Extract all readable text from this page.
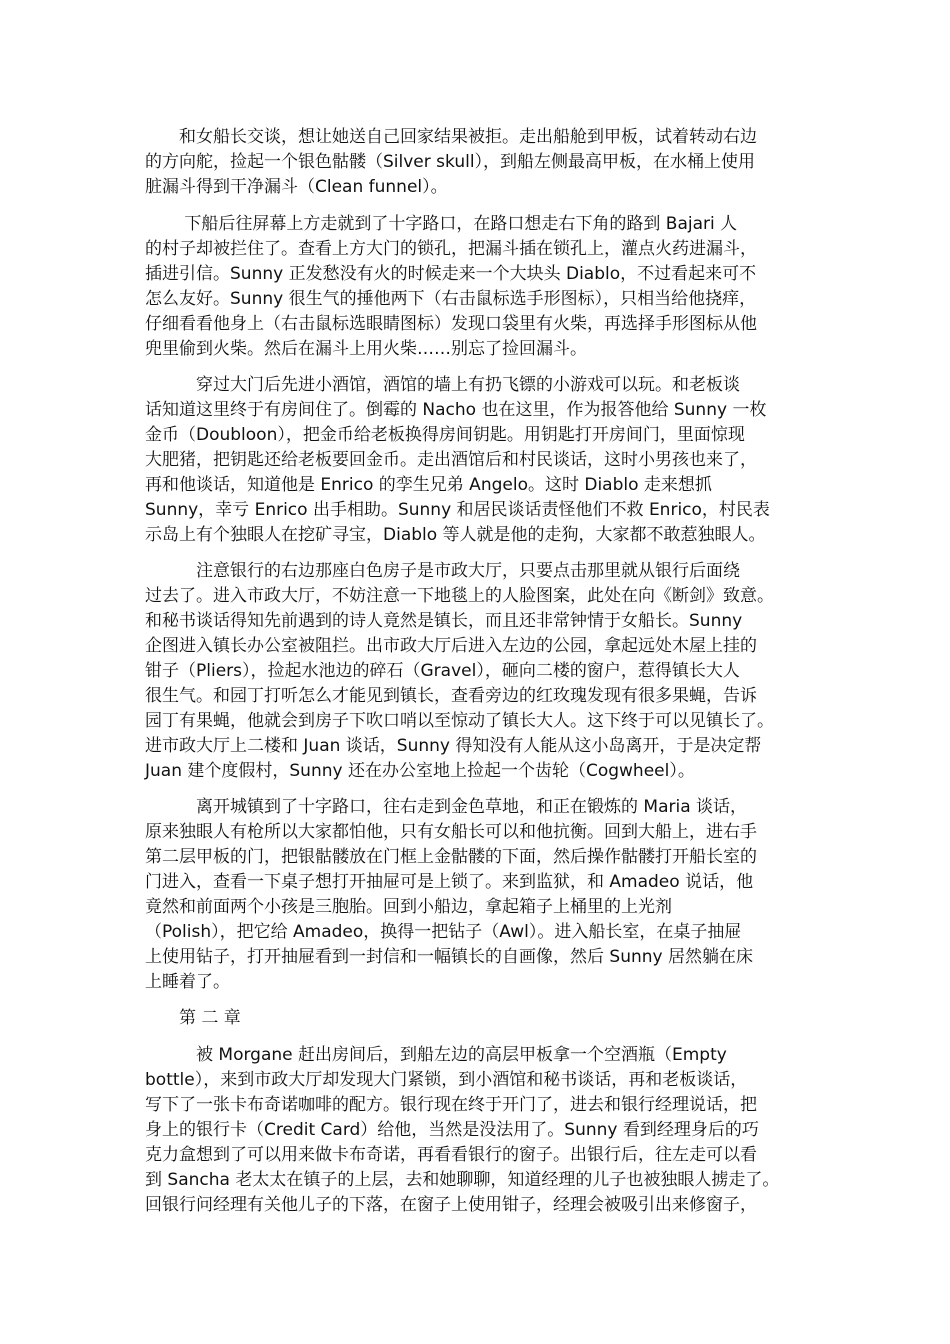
　　和女船长交谈，想让她送自己回家结果被拒。走出船舱到甲板，试着转动右边
的方向舵，捡起一个银色骷髅（Silver skull），到船左侧最高甲板，在水桶上使用
脏漏斗得到干净漏斗（Clean funnel）。
　　 下船后往屏幕上方走就到了十字路口，在路口想走右下角的路到 Bajari 人
的村子却被拦住了。查看上方大门的锁孔，把漏斗插在锁孔上，灌点火药进漏斗，
插进引信。Sunny 正发愁没有火的时候走来一个大块头 Diablo，不过看起来可不
怎么友好。Sunny 很生气的捶他两下（右击鼠标选手形图标），只相当给他挠痒，
仔细看看他身上（右击鼠标选眼睛图标）发现口袋里有火柴，再选择手形图标从他
兜里偷到火柴。然后在漏斗上用火柴……别忘了捡回漏斗。
　　　穿过大门后先进小酒馆，酒馆的墙上有扔飞镖的小游戏可以玩。和老板谈
话知道这里终于有房间住了。倒霉的 Nacho 也在这里，作为报答他给 Sunny 一枚
金币（Doubloon），把金币给老板换得房间钥匙。用钥匙打开房间门，里面惊现
大肥猪，把钥匙还给老板要回金币。走出酒馆后和村民谈话，这时小男孩也来了，
再和他谈话，知道他是 Enrico 的孪生兄弟 Angelo。这时 Diablo 走来想抓
Sunny，幸亏 Enrico 出手相助。Sunny 和居民谈话责怪他们不救 Enrico，村民表
示岛上有个独眼人在挖矿寻宝，Diablo 等人就是他的走狗，大家都不敢惹独眼人。
　　　注意银行的右边那座白色房子是市政大厅，只要点击那里就从银行后面绕
过去了。进入市政大厅，不妨注意一下地毯上的人脸图案，此处在向《断剑》致意。
和秘书谈话得知先前遇到的诗人竟然是镇长，而且还非常钟情于女船长。Sunny
企图进入镇长办公室被阻拦。出市政大厅后进入左边的公园，拿起远处木屋上挂的
钳子（Pliers），捡起水池边的碎石（Gravel），砸向二楼的窗户，惹得镇长大人
很生气。和园丁打听怎么才能见到镇长，查看旁边的红玫瑰发现有很多果蝇，告诉
园丁有果蝇，他就会到房子下吹口哨以至惊动了镇长大人。这下终于可以见镇长了。
进市政大厅上二楼和 Juan 谈话，Sunny 得知没有人能从这小岛离开，于是决定帮
Juan 建个度假村，Sunny 还在办公室地上捡起一个齿轮（Cogwheel）。
　　　离开城镇到了十字路口，往右走到金色草地，和正在锻炼的 Maria 谈话，
原来独眼人有枪所以大家都怕他，只有女船长可以和他抗衡。回到大船上，进右手
第二层甲板的门，把银骷髅放在门框上金骷髅的下面，然后操作骷髅打开船长室的
门进入，查看一下桌子想打开抽屉可是上锁了。来到监狱，和 Amadeo 说话，他
竟然和前面两个小孩是三胞胎。回到小船边，拿起箱子上桶里的上光剂
（Polish），把它给 Amadeo，换得一把钻子（Awl）。进入船长室，在桌子抽屉
上使用钻子，打开抽屉看到一封信和一幅镇长的自画像，然后 Sunny 居然躺在床
上睡着了。
　　第 二 章
　　　被 Morgane 赶出房间后，到船左边的高层甲板拿一个空酒瓶（Empty
bottle），来到市政大厅却发现大门紧锁，到小酒馆和秘书谈话，再和老板谈话，
写下了一张卡布奇诺咖啡的配方。银行现在终于开门了，进去和银行经理说话，把
身上的银行卡（Credit Card）给他，当然是没法用了。Sunny 看到经理身后的巧
克力盒想到了可以用来做卡布奇诺，再看看银行的窗子。出银行后，往左走可以看
到 Sancha 老太太在镇子的上层，去和她聊聊，知道经理的儿子也被独眼人掳走了。
回银行问经理有关他儿子的下落，在窗子上使用钳子，经理会被吸引出来修窗子，
